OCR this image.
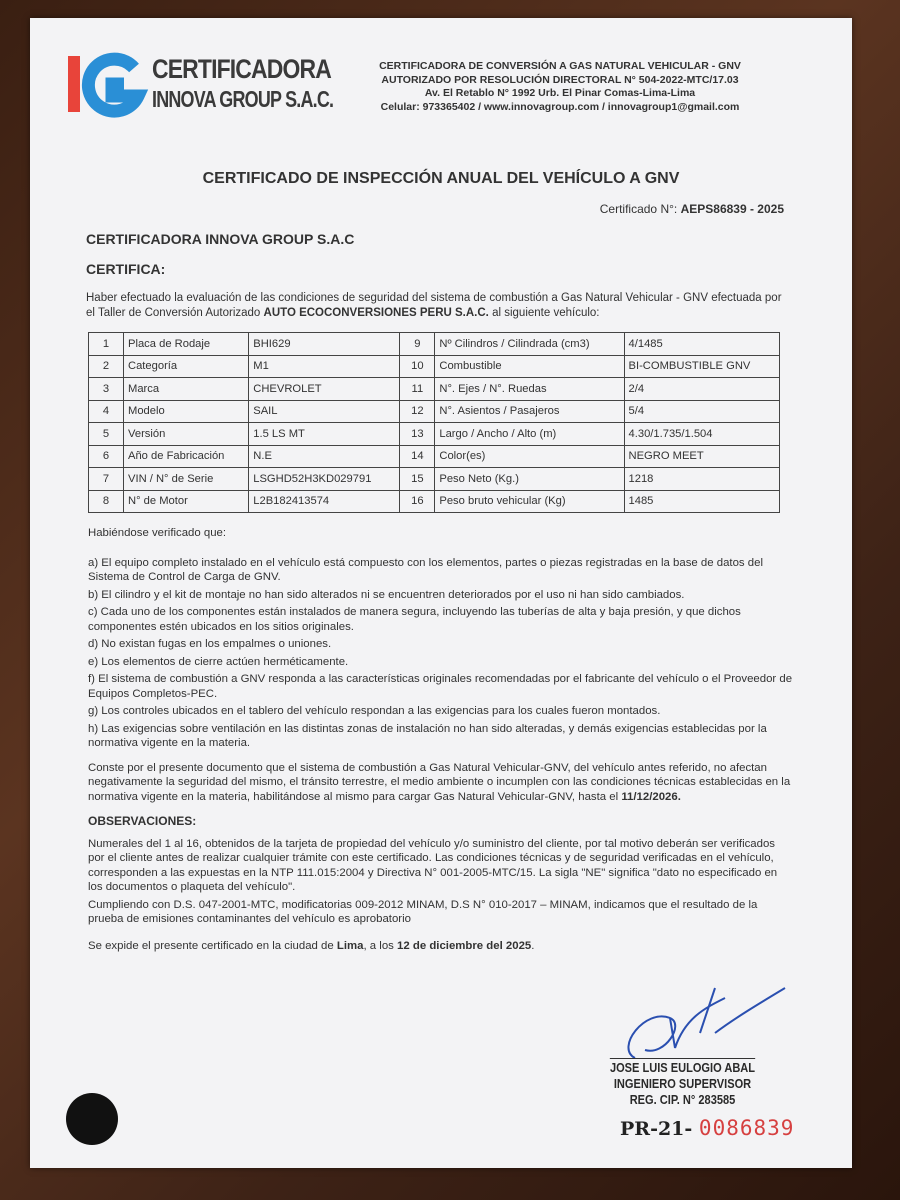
CERTIFICADORA
INNOVA GROUP S.A.C.
CERTIFICADORA DE CONVERSIÓN A GAS NATURAL VEHICULAR - GNV
AUTORIZADO POR RESOLUCIÓN DIRECTORAL N° 504-2022-MTC/17.03
Av. El Retablo N° 1992 Urb. El Pinar Comas-Lima-Lima
Celular: 973365402 / www.innovagroup.com / innovagroup1@gmail.com
CERTIFICADO DE INSPECCIÓN ANUAL DEL VEHÍCULO A GNV
Certificado N°: AEPS86839 - 2025
CERTIFICADORA INNOVA GROUP S.A.C
CERTIFICA:
Haber efectuado la evaluación de las condiciones de seguridad del sistema de combustión a Gas Natural Vehicular - GNV efectuada por el Taller de Conversión Autorizado AUTO ECOCONVERSIONES PERU S.A.C. al siguiente vehículo:
1	Placa de Rodaje	BHI629	9	Nº Cilindros / Cilindrada (cm3)	4/1485
2	Categoría	M1	10	Combustible	BI-COMBUSTIBLE GNV
3	Marca	CHEVROLET	11	N°. Ejes / N°. Ruedas	2/4
4	Modelo	SAIL	12	N°. Asientos / Pasajeros	5/4
5	Versión	1.5 LS MT	13	Largo / Ancho / Alto (m)	4.30/1.735/1.504
6	Año de Fabricación	N.E	14	Color(es)	NEGRO MEET
7	VIN / N° de Serie	LSGHD52H3KD029791	15	Peso Neto (Kg.)	1218
8	N° de Motor	L2B182413574	16	Peso bruto vehicular (Kg)	1485

Habiéndose verificado que:

a) El equipo completo instalado en el vehículo está compuesto con los elementos, partes o piezas registradas en la base de datos del Sistema de Control de Carga de GNV.

b) El cilindro y el kit de montaje no han sido alterados ni se encuentren deteriorados por el uso ni han sido cambiados.

c) Cada uno de los componentes están instalados de manera segura, incluyendo las tuberías de alta y baja presión, y que dichos componentes estén ubicados en los sitios originales.

d) No existan fugas en los empalmes o uniones.

e) Los elementos de cierre actúen herméticamente.

f) El sistema de combustión a GNV responda a las características originales recomendadas por el fabricante del vehículo o el Proveedor de Equipos Completos-PEC.

g) Los controles ubicados en el tablero del vehículo respondan a las exigencias para los cuales fueron montados.

h) Las exigencias sobre ventilación en las distintas zonas de instalación no han sido alteradas, y demás exigencias establecidas por la normativa vigente en la materia.

Conste por el presente documento que el sistema de combustión a Gas Natural Vehicular-GNV, del vehículo antes referido, no afectan negativamente la seguridad del mismo, el tránsito terrestre, el medio ambiente o incumplen con las condiciones técnicas establecidas en la normativa vigente en la materia, habilitándose al mismo para cargar Gas Natural Vehicular-GNV, hasta el 11/12/2026.

OBSERVACIONES:

Numerales del 1 al 16, obtenidos de la tarjeta de propiedad del vehículo y/o suministro del cliente, por tal motivo deberán ser verificados por el cliente antes de realizar cualquier trámite con este certificado. Las condiciones técnicas y de seguridad verificadas en el vehículo, corresponden a las expuestas en la NTP 111.015:2004 y Directiva N° 001-2005-MTC/15. La sigla "NE" significa "dato no especificado en los documentos o plaqueta del vehículo".

Cumpliendo con D.S. 047-2001-MTC, modificatorias 009-2012 MINAM, D.S N° 010-2017 – MINAM, indicamos que el resultado de la prueba de emisiones contaminantes del vehículo es aprobatorio

Se expide el presente certificado en la ciudad de Lima, a los 12 de diciembre del 2025.

JOSE LUIS EULOGIO ABAL
INGENIERO SUPERVISOR
REG. CIP. N° 283585
PR-21- 0086839
